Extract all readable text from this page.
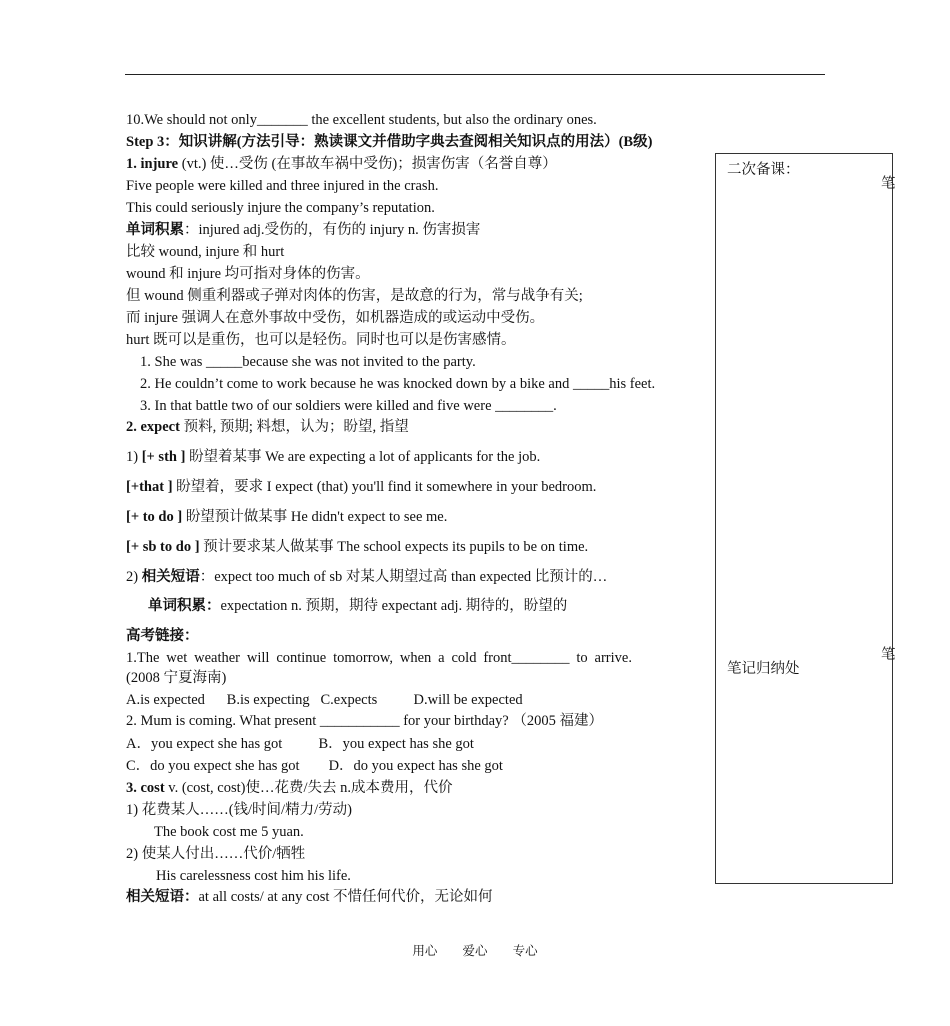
10.We should not only_______ the excellent students, but also the ordinary ones.
Step 3：知识讲解(方法引导：熟读课文并借助字典去查阅相关知识点的用法）(B级)
1. injure (vt.) 使…受伤 (在事故车祸中受伤)；损害伤害（名誉自尊）
Five people were killed and three injured in the crash.
This could seriously injure the company’s reputation.
单词积累：injured adj.受伤的，有伤的 injury n. 伤害损害
比较 wound, injure 和 hurt
wound 和 injure 均可指对身体的伤害。
但 wound 侧重利器或子弹对肉体的伤害，是故意的行为，常与战争有关;
而 injure 强调人在意外事故中受伤，如机器造成的或运动中受伤。
hurt 既可以是重伤，也可以是轻伤。同时也可以是伤害感情。
1. She was _____because she was not invited to the party.
2. He couldn’t come to work because he was knocked down by a bike and _____his feet.
3. In that battle two of our soldiers were killed and five were ________.
2. expect 预料, 预期; 料想，认为；盼望, 指望
1) [+ sth ] 盼望着某事 We are expecting a lot of applicants for the job.
[+that ] 盼望着，要求 I expect (that) you'll find it somewhere in your bedroom.
[+ to do ] 盼望预计做某事 He didn't expect to see me.
[+ sb to do ] 预计要求某人做某事 The school expects its pupils to be on time.
2) 相关短语：expect too much of sb 对某人期望过高 than expected 比预计的…
单词积累：expectation n. 预期，期待 expectant adj. 期待的，盼望的
高考链接：
1.The wet weather will continue tomorrow, when a cold front________ to arrive.
(2008 宁夏海南)
A.is expected      B.is expecting   C.expects          D.will be expected
2. Mum is coming. What present ___________ for your birthday? （2005 福建）
A．you expect she has got          B．you expect has she got
C．do you expect she has got        D．do you expect has she got
3. cost v. (cost, cost)使…花费/失去 n.成本费用，代价
1) 花费某人……(钱/时间/精力/劳动)
The book cost me 5 yuan.
2) 使某人付出……代价/牺牲
His carelessness cost him his life.
相关短语：at all costs/ at any cost 不惜任何代价，无论如何
二次备课：
笔记归纳处
笔
笔
用心 爱心 专心
